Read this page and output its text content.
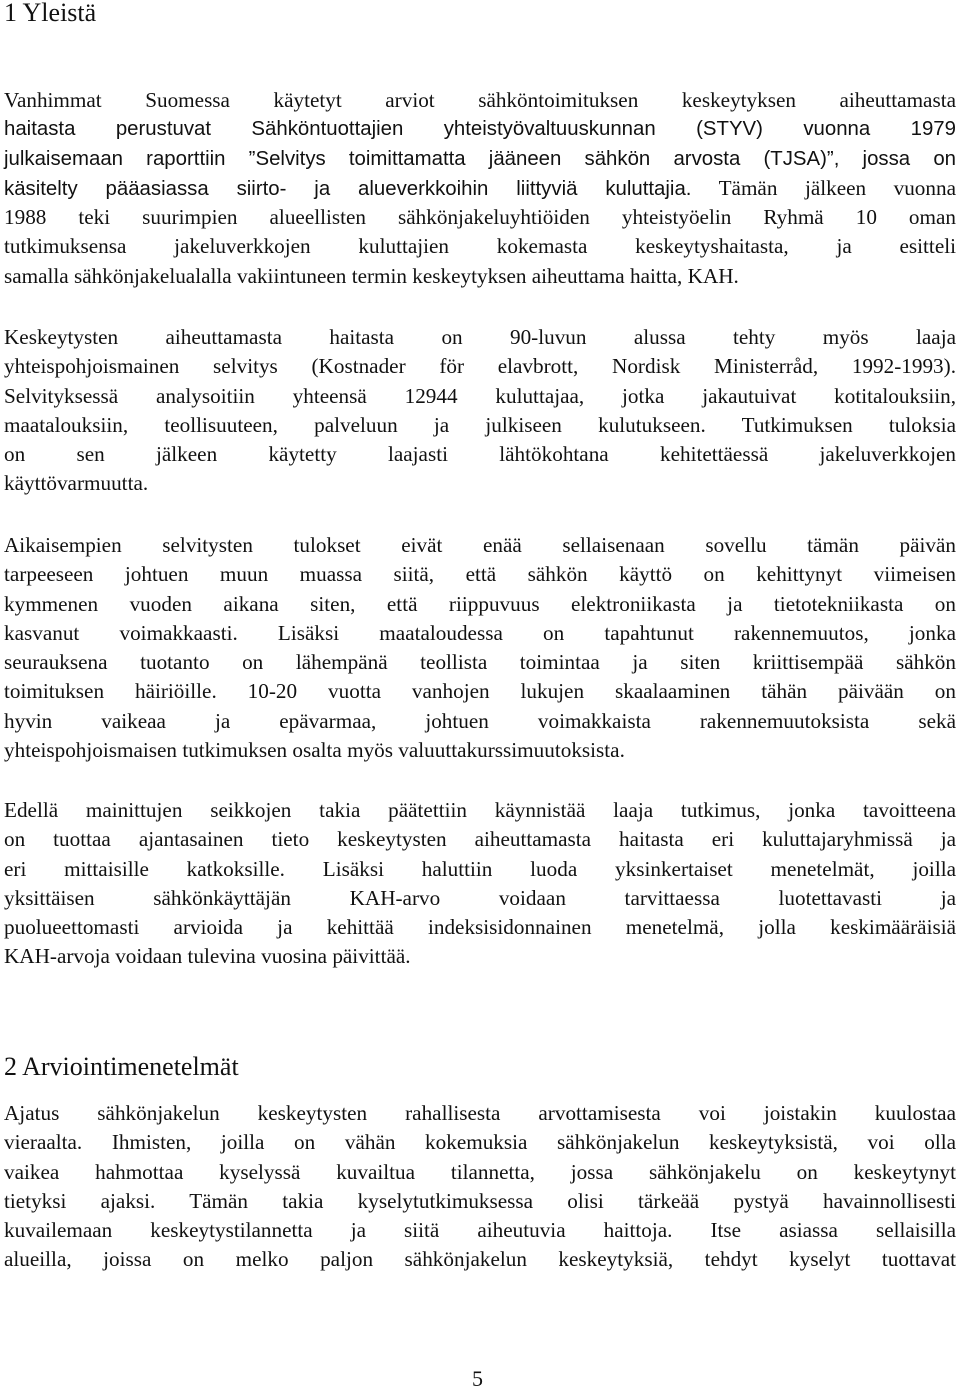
1 Yleistä
Vanhimmat Suomessa käytetyt arviot sähköntoimituksen keskeytyksen aiheuttamasta
haitasta perustuvat Sähköntuottajien yhteistyövaltuuskunnan (STYV) vuonna 1979
julkaisemaan raporttiin ”Selvitys toimittamatta jääneen sähkön arvosta (TJSA)”, jossa on
käsitelty pääasiassa siirto- ja alueverkkoihin liittyviä kuluttajia. Tämän jälkeen vuonna
1988 teki suurimpien alueellisten sähkönjakeluyhtiöiden yhteistyöelin Ryhmä 10 oman
tutkimuksensa jakeluverkkojen kuluttajien kokemasta keskeytyshaitasta, ja esitteli
samalla sähkönjakelualalla vakiintuneen termin keskeytyksen aiheuttama haitta, KAH.
Keskeytysten aiheuttamasta haitasta on 90-luvun alussa tehty myös laaja
yhteispohjoismainen selvitys (Kostnader för elavbrott, Nordisk Ministerråd, 1992-1993).
Selvityksessä analysoitiin yhteensä 12944 kuluttajaa, jotka jakautuivat kotitalouksiin,
maatalouksiin, teollisuuteen, palveluun ja julkiseen kulutukseen. Tutkimuksen tuloksia
on sen jälkeen käytetty laajasti lähtökohtana kehitettäessä jakeluverkkojen
käyttövarmuutta.
Aikaisempien selvitysten tulokset eivät enää sellaisenaan sovellu tämän päivän
tarpeeseen johtuen muun muassa siitä, että sähkön käyttö on kehittynyt viimeisen
kymmenen vuoden aikana siten, että riippuvuus elektroniikasta ja tietotekniikasta on
kasvanut voimakkaasti. Lisäksi maataloudessa on tapahtunut rakennemuutos, jonka
seurauksena tuotanto on lähempänä teollista toimintaa ja siten kriittisempää sähkön
toimituksen häiriöille. 10-20 vuotta vanhojen lukujen skaalaaminen tähän päivään on
hyvin vaikeaa ja epävarmaa, johtuen voimakkaista rakennemuutoksista sekä
yhteispohjoismaisen tutkimuksen osalta myös valuuttakurssimuutoksista.
Edellä mainittujen seikkojen takia päätettiin käynnistää laaja tutkimus, jonka tavoitteena
on tuottaa ajantasainen tieto keskeytysten aiheuttamasta haitasta eri kuluttajaryhmissä ja
eri mittaisille katkoksille. Lisäksi haluttiin luoda yksinkertaiset menetelmät, joilla
yksittäisen sähkönkäyttäjän KAH-arvo voidaan tarvittaessa luotettavasti ja
puolueettomasti arvioida ja kehittää indeksisidonnainen menetelmä, jolla keskimääräisiä
KAH-arvoja voidaan tulevina vuosina päivittää.
2 Arviointimenetelmät
Ajatus sähkönjakelun keskeytysten rahallisesta arvottamisesta voi joistakin kuulostaa
vieraalta. Ihmisten, joilla on vähän kokemuksia sähkönjakelun keskeytyksistä, voi olla
vaikea hahmottaa kyselyssä kuvailtua tilannetta, jossa sähkönjakelu on keskeytynyt
tietyksi ajaksi. Tämän takia kyselytutkimuksessa olisi tärkeää pystyä havainnollisesti
kuvailemaan keskeytystilannetta ja siitä aiheutuvia haittoja. Itse asiassa sellaisilla
alueilla, joissa on melko paljon sähkönjakelun keskeytyksiä, tehdyt kyselyt tuottavat
5
